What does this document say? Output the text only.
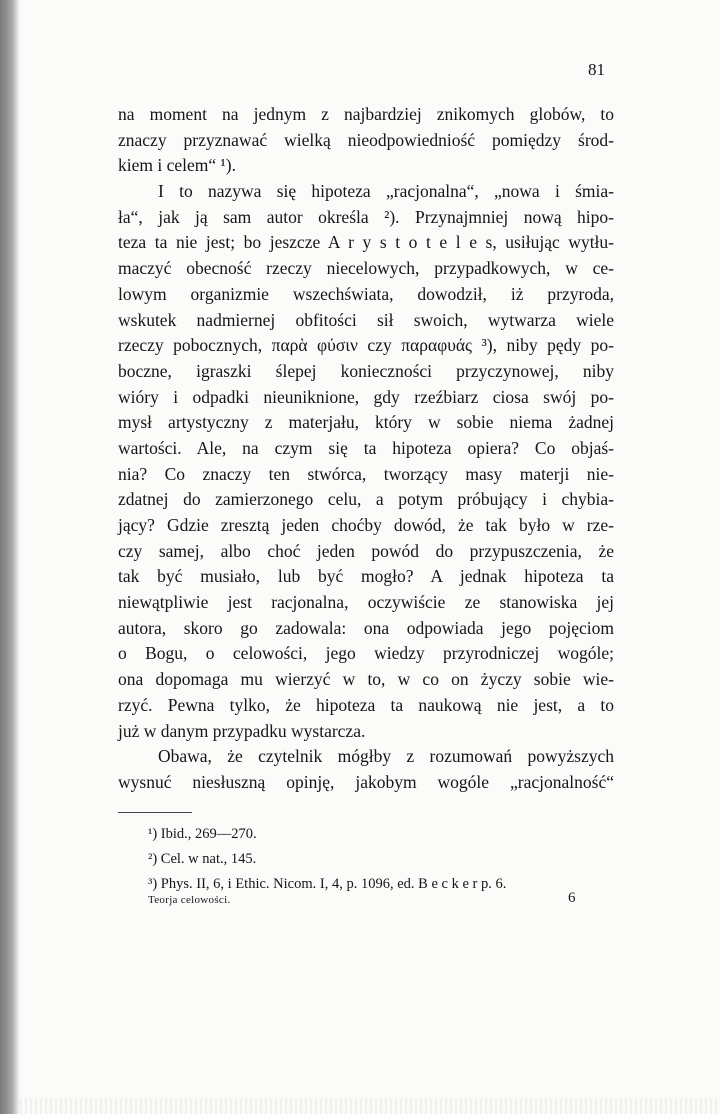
81
na moment na jednym z najbardziej znikomych globów, to
znaczy przyznawać wielką nieodpowiedniość pomiędzy środ-
kiem i celem“ ¹).
I to nazywa się hipoteza „racjonalna“, „nowa i śmia-
ła“, jak ją sam autor określa ²). Przynajmniej nową hipo-
teza ta nie jest; bo jeszcze A r y s t o t e l e s, usiłując wytłu-
maczyć obecność rzeczy niecelowych, przypadkowych, w ce-
lowym organizmie wszechświata, dowodził, iż przyroda,
wskutek nadmiernej obfitości sił swoich, wytwarza wiele
rzeczy pobocznych, παρὰ φύσιν czy παραφυάς ³), niby pędy po-
boczne, igraszki ślepej konieczności przyczynowej, niby
wióry i odpadki nieuniknione, gdy rzeźbiarz ciosa swój po-
mysł artystyczny z materjału, który w sobie niema żadnej
wartości. Ale, na czym się ta hipoteza opiera? Co objaś-
nia? Co znaczy ten stwórca, tworzący masy materji nie-
zdatnej do zamierzonego celu, a potym próbujący i chybia-
jący? Gdzie zresztą jeden choćby dowód, że tak było w rze-
czy samej, albo choć jeden powód do przypuszczenia, że
tak być musiało, lub być mogło? A jednak hipoteza ta
niewątpliwie jest racjonalna, oczywiście ze stanowiska jej
autora, skoro go zadowala: ona odpowiada jego pojęciom
o Bogu, o celowości, jego wiedzy przyrodniczej wogóle;
ona dopomaga mu wierzyć w to, w co on życzy sobie wie-
rzyć. Pewna tylko, że hipoteza ta naukową nie jest, a to
już w danym przypadku wystarcza.
Obawa, że czytelnik mógłby z rozumowań powyższych
wysnuć niesłuszną opinję, jakobym wogóle „racjonalność“
¹) Ibid., 269—270.
²) Cel. w nat., 145.
³) Phys. II, 6, i Ethic. Nicom. I, 4, p. 1096, ed. B e c k e r p. 6.
Teorja celowości.	6
